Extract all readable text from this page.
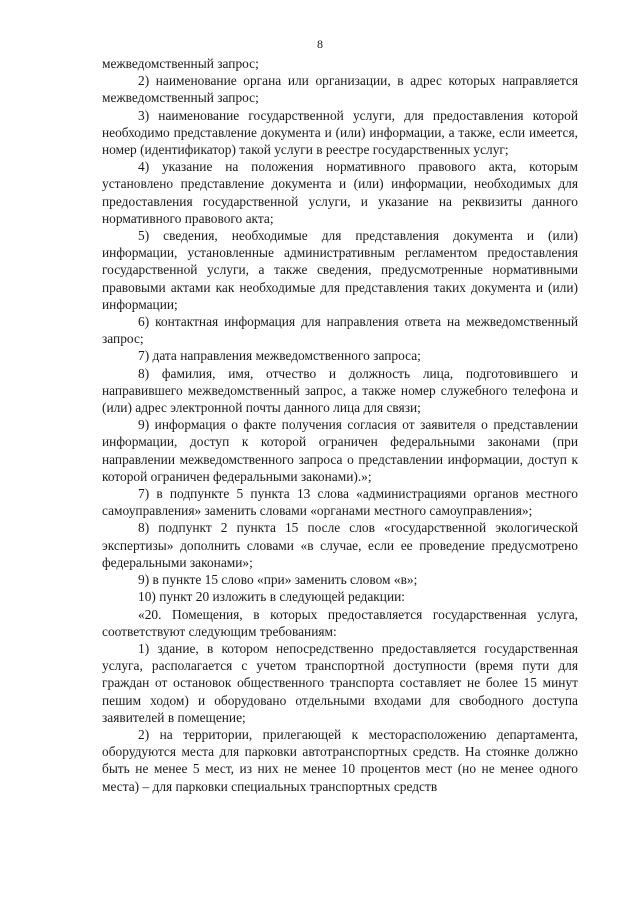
8

межведомственный запрос;

2) наименование органа или организации, в адрес которых направляется межведомственный запрос;

3) наименование государственной услуги, для предоставления которой необходимо представление документа и (или) информации, а также, если имеется, номер (идентификатор) такой услуги в реестре государственных услуг;

4) указание на положения нормативного правового акта, которым установлено представление документа и (или) информации, необходимых для предоставления государственной услуги, и указание на реквизиты данного нормативного правового акта;

5) сведения, необходимые для представления документа и (или) информации, установленные административным регламентом предоставления государственной услуги, а также сведения, предусмотренные нормативными правовыми актами как необходимые для представления таких документа и (или) информации;

6) контактная информация для направления ответа на межведомственный запрос;

7) дата направления межведомственного запроса;

8) фамилия, имя, отчество и должность лица, подготовившего и направившего межведомственный запрос, а также номер служебного телефона и (или) адрес электронной почты данного лица для связи;

9) информация о факте получения согласия от заявителя о представлении информации, доступ к которой ограничен федеральными законами (при направлении межведомственного запроса о представлении информации, доступ к которой ограничен федеральными законами).»;

7) в подпункте 5 пункта 13 слова «администрациями органов местного самоуправления» заменить словами «органами местного самоуправления»;

8) подпункт 2 пункта 15 после слов «государственной экологической экспертизы» дополнить словами «в случае, если ее проведение предусмотрено федеральными законами»;

9) в пункте 15 слово «при» заменить словом «в»;

10) пункт 20 изложить в следующей редакции:

«20. Помещения, в которых предоставляется государственная услуга, соответствуют следующим требованиям:

1) здание, в котором непосредственно предоставляется государственная услуга, располагается с учетом транспортной доступности (время пути для граждан от остановок общественного транспорта составляет не более 15 минут пешим ходом) и оборудовано отдельными входами для свободного доступа заявителей в помещение;

2) на территории, прилегающей к месторасположению департамента, оборудуются места для парковки автотранспортных средств. На стоянке должно быть не менее 5 мест, из них не менее 10 процентов мест (но не менее одного места) – для парковки специальных транспортных средств
